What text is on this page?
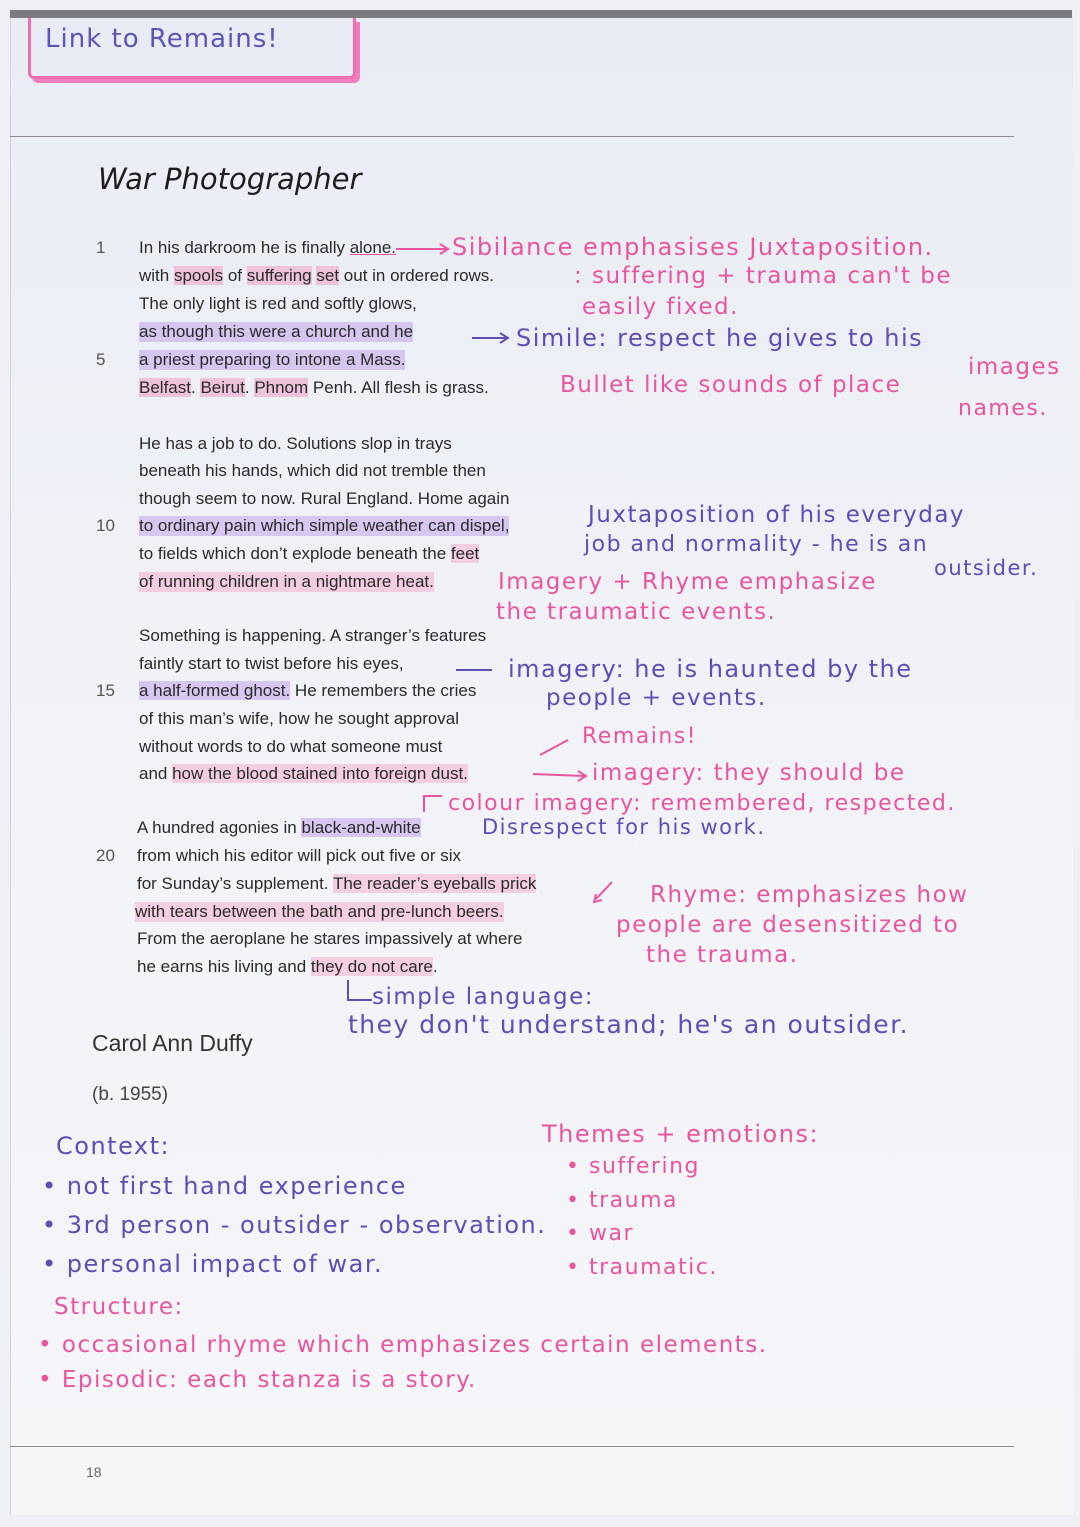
Link to Remains!
War Photographer
1
5
10
15
20
In his darkroom he is finally alone.
with spools of suffering set out in ordered rows.
The only light is red and softly glows,
as though this were a church and he
a priest preparing to intone a Mass.
Belfast. Beirut. Phnom Penh. All flesh is grass.
He has a job to do. Solutions slop in trays
beneath his hands, which did not tremble then
though seem to now. Rural England. Home again
to ordinary pain which simple weather can dispel,
to fields which don’t explode beneath the feet
of running children in a nightmare heat.
Something is happening. A stranger’s features
faintly start to twist before his eyes,
a half-formed ghost. He remembers the cries
of this man’s wife, how he sought approval
without words to do what someone must
and how the blood stained into foreign dust.
A hundred agonies in black-and-white
from which his editor will pick out five or six
for Sunday’s supplement. The reader’s eyeballs prick
with tears between the bath and pre-lunch beers.
From the aeroplane he stares impassively at where
he earns his living and they do not care.
Carol Ann Duffy
(b. 1955)
Sibilance emphasises Juxtaposition.
: suffering + trauma can't be
easily fixed.
Simile: respect he gives to his
images
Bullet like sounds of place
names.
Juxtaposition of his everyday
job and normality - he is an
outsider.
Imagery + Rhyme emphasize
the traumatic events.
imagery: he is haunted by the
people + events.
Remains!
imagery: they should be
colour imagery: remembered, respected.
Disrespect for his work.
Rhyme: emphasizes how
people are desensitized to
the trauma.
simple language:
they don't understand; he's an outsider.
Context:
• not first hand experience
• 3rd person - outsider - observation.
• personal impact of war.
Themes + emotions:
• suffering
• trauma
• war
• traumatic.
Structure:
• occasional rhyme which emphasizes certain elements.
• Episodic: each stanza is a story.
18
